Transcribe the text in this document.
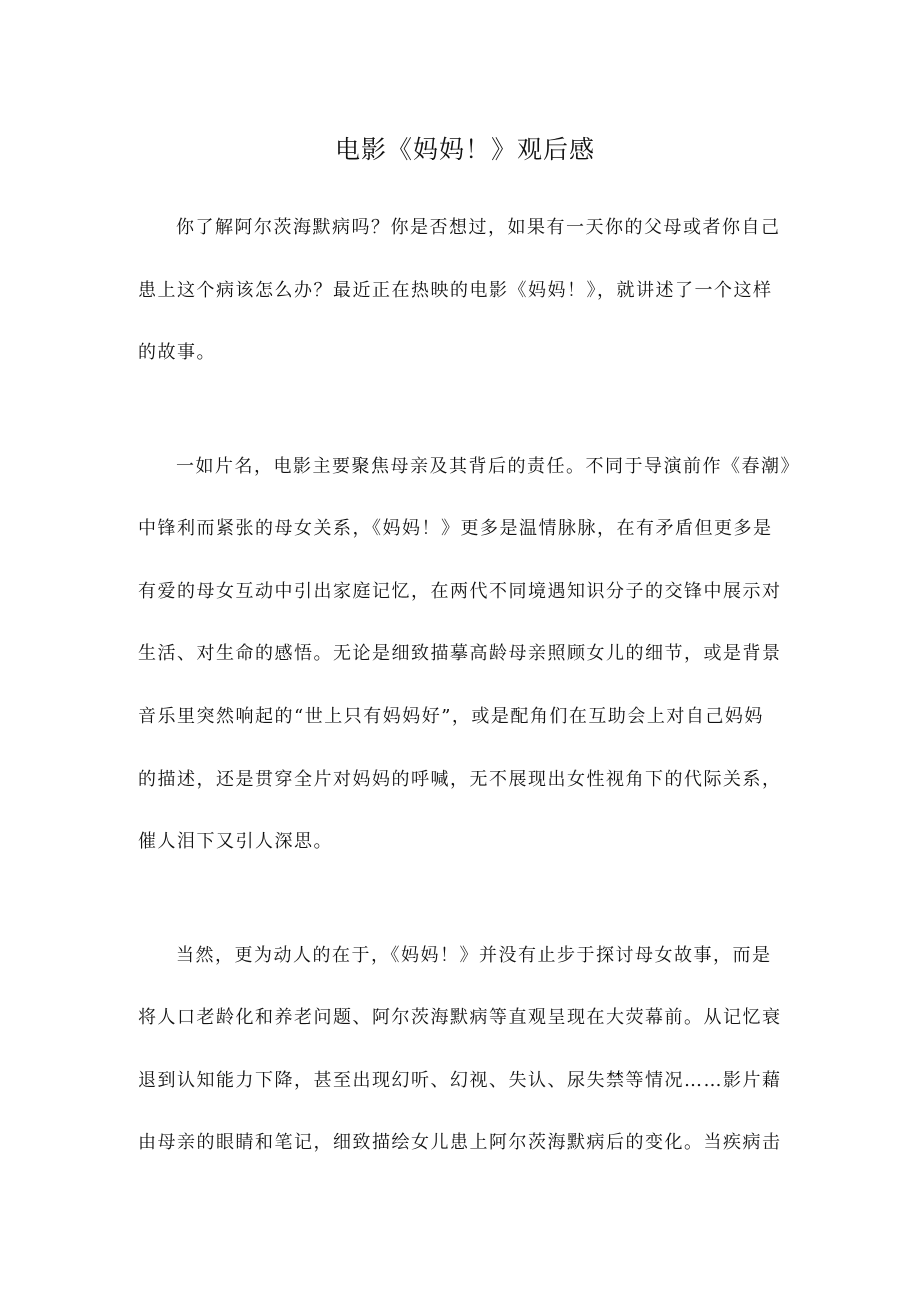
电影《妈妈！》观后感
你了解阿尔茨海默病吗？你是否想过，如果有一天你的父母或者你自己
患上这个病该怎么办？最近正在热映的电影《妈妈！》，就讲述了一个这样
的故事。
一如片名，电影主要聚焦母亲及其背后的责任。不同于导演前作《春潮》
中锋利而紧张的母女关系，《妈妈！》更多是温情脉脉，在有矛盾但更多是
有爱的母女互动中引出家庭记忆，在两代不同境遇知识分子的交锋中展示对
生活、对生命的感悟。无论是细致描摹高龄母亲照顾女儿的细节，或是背景
音乐里突然响起的“世上只有妈妈好”，或是配角们在互助会上对自己妈妈
的描述，还是贯穿全片对妈妈的呼喊，无不展现出女性视角下的代际关系，
催人泪下又引人深思。
当然，更为动人的在于，《妈妈！》并没有止步于探讨母女故事，而是
将人口老龄化和养老问题、阿尔茨海默病等直观呈现在大荧幕前。从记忆衰
退到认知能力下降，甚至出现幻听、幻视、失认、尿失禁等情况……影片藉
由母亲的眼睛和笔记，细致描绘女儿患上阿尔茨海默病后的变化。当疾病击
